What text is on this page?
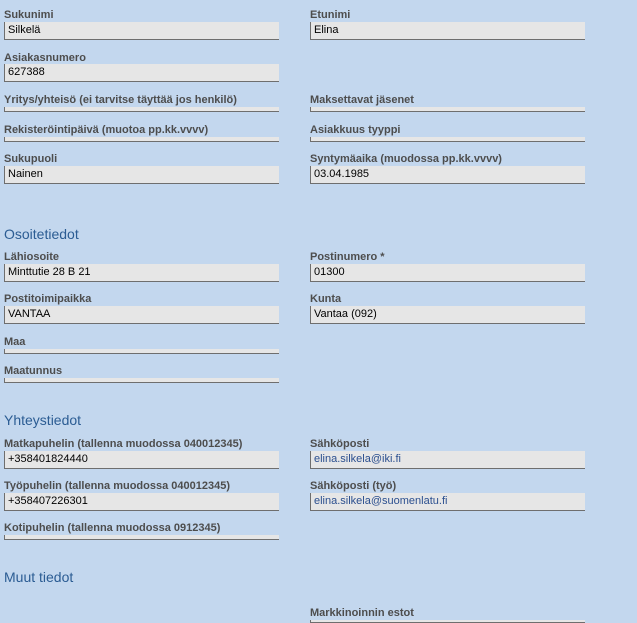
Sukunimi
Silkelä
Etunimi
Elina
Asiakasnumero
627388
Yritys/yhteisö (ei tarvitse täyttää jos henkilö)	Maksettavat jäsenet
Rekisteröintipäivä (muotoa pp.kk.vvvv)	Asiakkuus tyyppi
Sukupuoli
Nainen
Syntymäaika (muodossa pp.kk.vvvv)
03.04.1985
Osoitetiedot
Lähiosoite
Minttutie 28 B 21
Postinumero *
01300
Postitoimipaikka
VANTAA
Kunta
Vantaa (092)
Maa
Maatunnus
Yhteystiedot
Matkapuhelin (tallenna muodossa 040012345)
+358401824440
Sähköposti
elina.silkela@iki.fi
Työpuhelin (tallenna muodossa 040012345)
+358407226301
Sähköposti (työ)
elina.silkela@suomenlatu.fi
Kotipuhelin (tallenna muodossa 0912345)
Muut tiedot
Markkinoinnin estot
